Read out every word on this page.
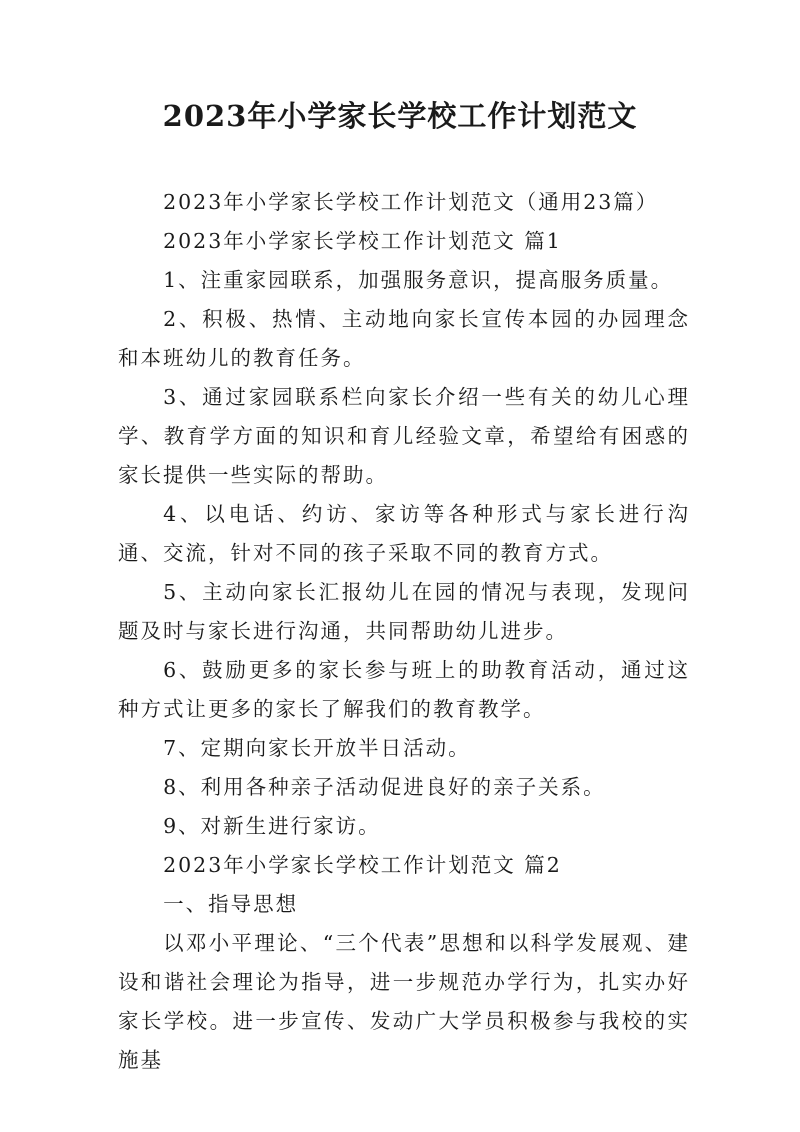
2023年小学家长学校工作计划范文

2023年小学家长学校工作计划范文（通用23篇）

2023年小学家长学校工作计划范文 篇1

1、注重家园联系，加强服务意识，提高服务质量。

2、积极、热情、主动地向家长宣传本园的办园理念和本班幼儿的教育任务。

3、通过家园联系栏向家长介绍一些有关的幼儿心理学、教育学方面的知识和育儿经验文章，希望给有困惑的家长提供一些实际的帮助。

4、以电话、约访、家访等各种形式与家长进行沟通、交流，针对不同的孩子采取不同的教育方式。

5、主动向家长汇报幼儿在园的情况与表现，发现问题及时与家长进行沟通，共同帮助幼儿进步。

6、鼓励更多的家长参与班上的助教育活动，通过这种方式让更多的家长了解我们的教育教学。

7、定期向家长开放半日活动。

8、利用各种亲子活动促进良好的亲子关系。

9、对新生进行家访。

2023年小学家长学校工作计划范文 篇2

一、指导思想

以邓小平理论、“三个代表”思想和以科学发展观、建设和谐社会理论为指导，进一步规范办学行为，扎实办好家长学校。进一步宣传、发动广大学员积极参与我校的实施基
